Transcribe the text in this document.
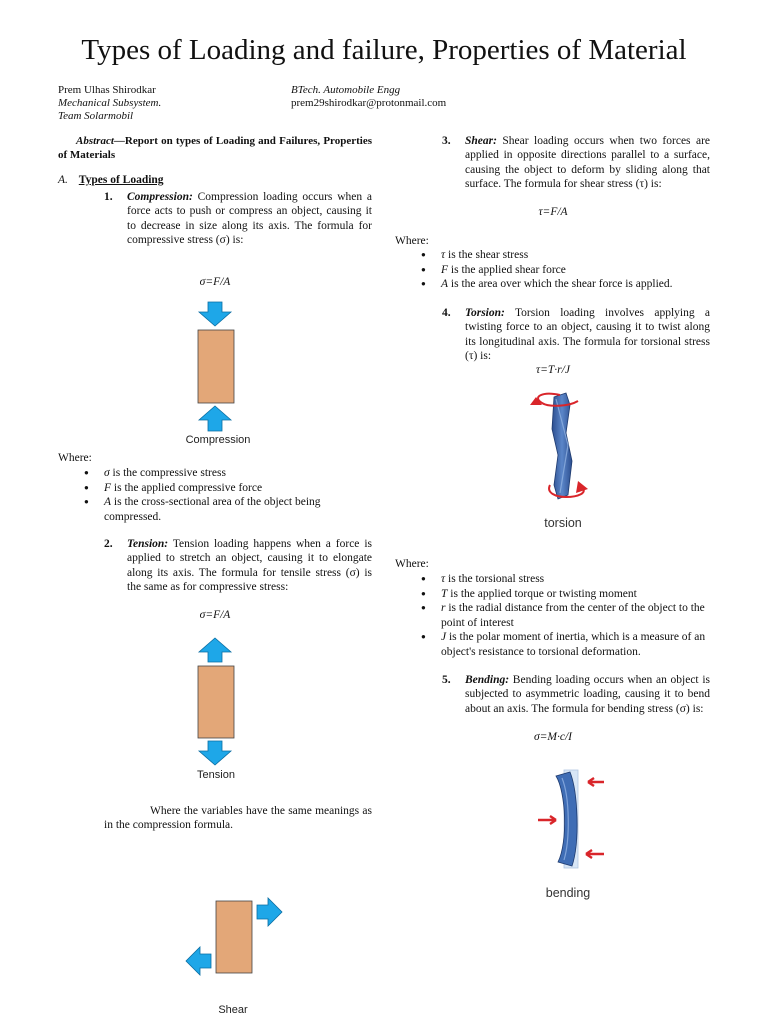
Types of Loading and failure, Properties of Material
Prem Ulhas Shirodkar
Mechanical Subsystem.
Team Solarmobil
BTech. Automobile Engg
prem29shirodkar@protonmail.com
Abstract—Report on types of Loading and Failures, Properties of Materials
A. Types of Loading
1. Compression: Compression loading occurs when a force acts to push or compress an object, causing it to decrease in size along its axis. The formula for compressive stress (σ) is:
σ=F/A
Compression
Where:
● σ is the compressive stress
● F is the applied compressive force
● A is the cross-sectional area of the object being compressed.
2. Tension: Tension loading happens when a force is applied to stretch an object, causing it to elongate along its axis. The formula for tensile stress (σ) is the same as for compressive stress:
σ=F/A
Tension
Where the variables have the same meanings as in the compression formula.
Shear
3. Shear: Shear loading occurs when two forces are applied in opposite directions parallel to a surface, causing the object to deform by sliding along that surface. The formula for shear stress (τ) is:
τ=F/A
Where:
● τ is the shear stress
● F is the applied shear force
● A is the area over which the shear force is applied.
4. Torsion: Torsion loading involves applying a twisting force to an object, causing it to twist along its longitudinal axis. The formula for torsional stress (τ) is:
τ=T·r/J
torsion
Where:
● τ is the torsional stress
● T is the applied torque or twisting moment
● r is the radial distance from the center of the object to the point of interest
● J is the polar moment of inertia, which is a measure of an object's resistance to torsional deformation.
5. Bending: Bending loading occurs when an object is subjected to asymmetric loading, causing it to bend about an axis. The formula for bending stress (σ) is:
σ=M·c/I
bending
